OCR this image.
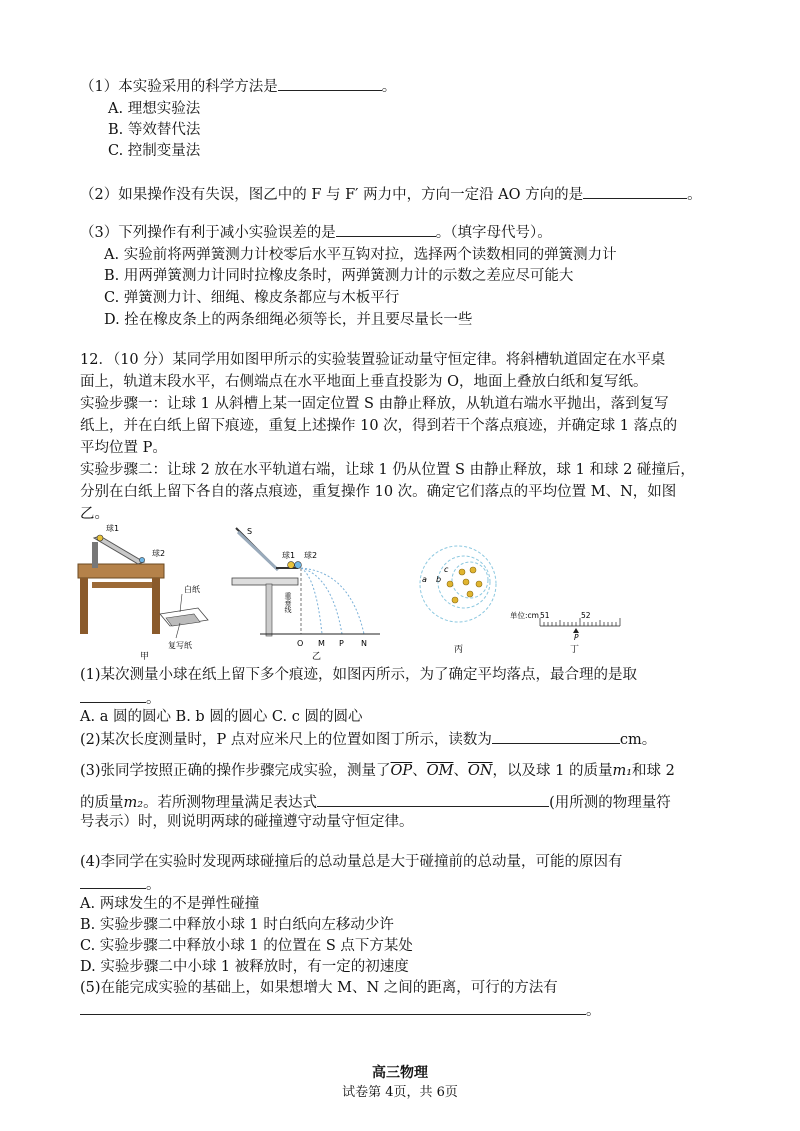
（1）本实验采用的科学方法是	。
A. 理想实验法
B. 等效替代法
C. 控制变量法
（2）如果操作没有失误，图乙中的 F 与 F′ 两力中，方向一定沿 AO 方向的是	。
（3）下列操作有利于减小实验误差的是	。（填字母代号）。
A. 实验前将两弹簧测力计校零后水平互钩对拉，选择两个读数相同的弹簧测力计
B. 用两弹簧测力计同时拉橡皮条时，两弹簧测力计的示数之差应尽可能大
C. 弹簧测力计、细绳、橡皮条都应与木板平行
D. 拴在橡皮条上的两条细绳必须等长，并且要尽量长一些
12．（10 分）某同学用如图甲所示的实验装置验证动量守恒定律。将斜槽轨道固定在水平桌
面上，轨道末段水平，右侧端点在水平地面上垂直投影为 O，地面上叠放白纸和复写纸。
实验步骤一：让球 1 从斜槽上某一固定位置 S 由静止释放，从轨道右端水平抛出，落到复写
纸上，并在白纸上留下痕迹，重复上述操作 10 次，得到若干个落点痕迹，并确定球 1 落点的
平均位置 P。
实验步骤二：让球 2 放在水平轨道右端，让球 1 仍从位置 S 由静止释放，球 1 和球 2 碰撞后，
分别在白纸上留下各自的落点痕迹，重复操作 10 次。确定它们落点的平均位置 M、N，如图
乙。
球1
球2
白纸
复写纸
甲
S
球1 球2
重垂线
O M P N
乙
a b
c
丙
单位:cm 51	52
P
丁
(1)某次测量小球在纸上留下多个痕迹，如图丙所示，为了确定平均落点，最合理的是取
。
A. a 圆的圆心 B. b 圆的圆心 C. c 圆的圆心
(2)某次长度测量时，P 点对应米尺上的位置如图丁所示，读数为	cm。
(3)张同学按照正确的操作步骤完成实验，测量了$\overline{OP}$、$\overline{OM}$、$\overline{ON}$，以及球 1 的质量m₁和球 2
的质量m₂。若所测物理量满足表达式	(用所测的物理量符
号表示）时，则说明两球的碰撞遵守动量守恒定律。
(4)李同学在实验时发现两球碰撞后的总动量总是大于碰撞前的总动量，可能的原因有
。
A. 两球发生的不是弹性碰撞
B. 实验步骤二中释放小球 1 时白纸向左移动少许
C. 实验步骤二中释放小球 1 的位置在 S 点下方某处
D. 实验步骤二中小球 1 被释放时，有一定的初速度
(5)在能完成实验的基础上，如果想增大 M、N 之间的距离，可行的方法有
。
高三物理
试卷第 4页，共 6页
